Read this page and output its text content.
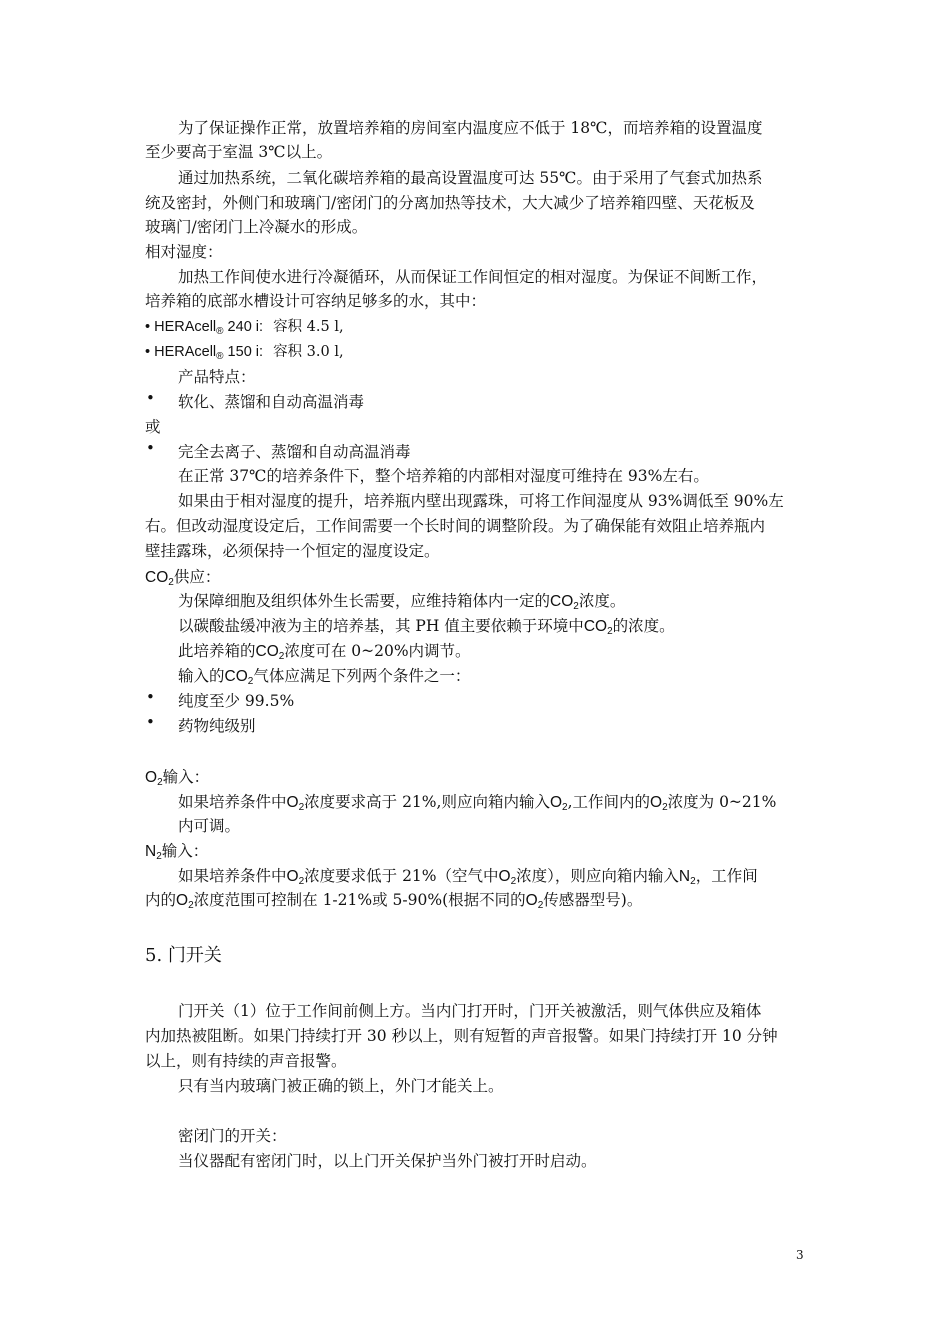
为了保证操作正常，放置培养箱的房间室内温度应不低于 18℃，而培养箱的设置温度
至少要高于室温 3℃以上。
通过加热系统，二氧化碳培养箱的最高设置温度可达 55℃。由于采用了气套式加热系
统及密封，外侧门和玻璃门/密闭门的分离加热等技术，大大减少了培养箱四壁、天花板及
玻璃门/密闭门上冷凝水的形成。
相对湿度：
加热工作间使水进行冷凝循环，从而保证工作间恒定的相对湿度。为保证不间断工作，
培养箱的底部水槽设计可容纳足够多的水，其中：
• HERAcell$_®$ 240 i: 容积 4.5 l,
• HERAcell$_®$ 150 i: 容积 3.0 l,
产品特点：
• 软化、蒸馏和自动高温消毒
或
• 完全去离子、蒸馏和自动高温消毒
在正常 37℃的培养条件下，整个培养箱的内部相对湿度可维持在 93%左右。
如果由于相对湿度的提升，培养瓶内壁出现露珠，可将工作间湿度从 93%调低至 90%左
右。但改动湿度设定后，工作间需要一个长时间的调整阶段。为了确保能有效阻止培养瓶内
壁挂露珠，必须保持一个恒定的湿度设定。
$CO_2$供应：
为保障细胞及组织体外生长需要，应维持箱体内一定的$CO_2$浓度。
以碳酸盐缓冲液为主的培养基，其 PH 值主要依赖于环境中$CO_2$的浓度。
此培养箱的$CO_2$浓度可在 0~20%内调节。
输入的$CO_2$气体应满足下列两个条件之一：
• 纯度至少 99.5%
• 药物纯级别
$O_2$输入：
如果培养条件中$O_2$浓度要求高于 21%,则应向箱内输入$O_2$,工作间内的$O_2$浓度为 0~21%
内可调。
$N_2$输入：
如果培养条件中$O_2$浓度要求低于 21%（空气中$O_2$浓度），则应向箱内输入$N_2$，工作间
内的$O_2$浓度范围可控制在 1-21%或 5-90%(根据不同的$O_2$传感器型号)。
5. 门开关
门开关（1）位于工作间前侧上方。当内门打开时，门开关被激活，则气体供应及箱体
内加热被阻断。如果门持续打开 30 秒以上，则有短暂的声音报警。如果门持续打开 10 分钟
以上，则有持续的声音报警。
只有当内玻璃门被正确的锁上，外门才能关上。
密闭门的开关：
当仪器配有密闭门时，以上门开关保护当外门被打开时启动。
3
